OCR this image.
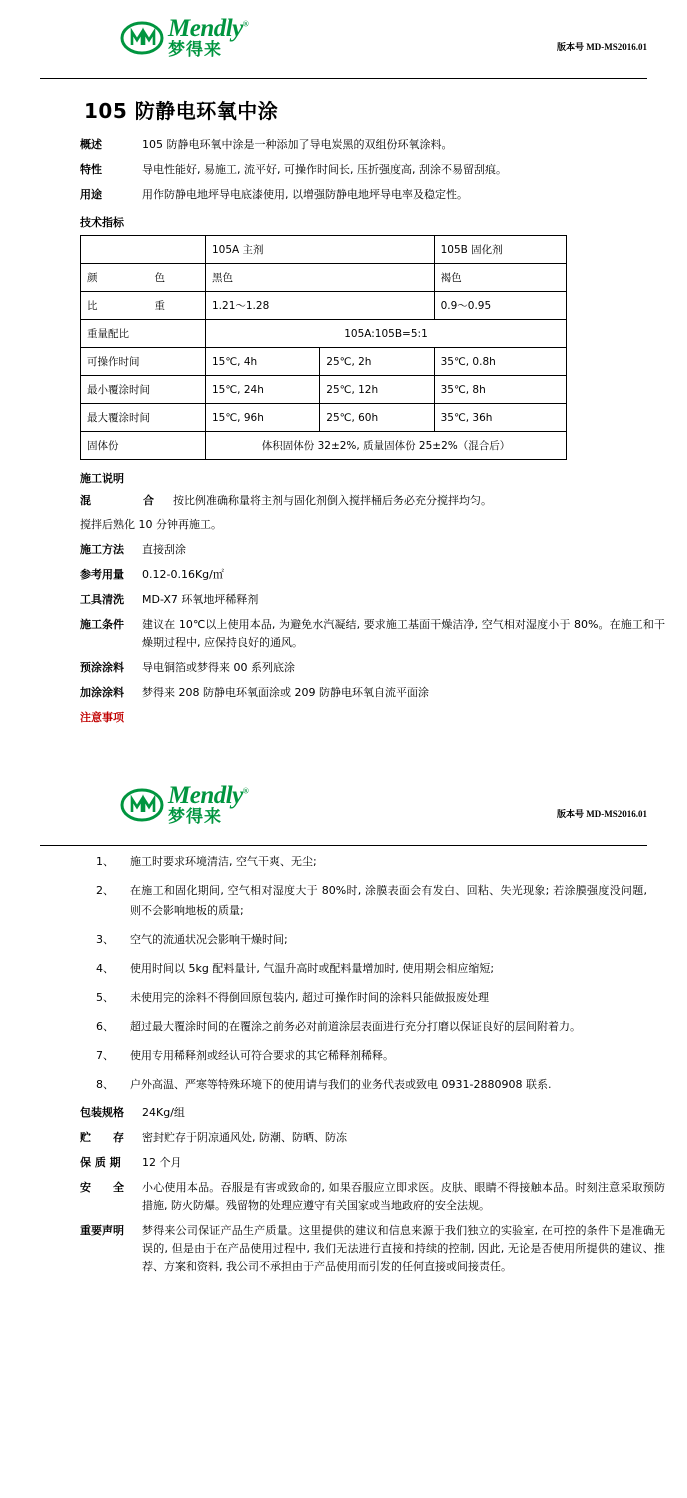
Mendly®
梦得来	版本号 MD-MS2016.01
105 防静电环氧中涂
概述	105 防静电环氧中涂是一种添加了导电炭黑的双组份环氧涂料。
特性	导电性能好, 易施工, 流平好, 可操作时间长, 压折强度高, 刮涂不易留刮痕。
用途	用作防静电地坪导电底漆使用, 以增强防静电地坪导电率及稳定性。
技术指标
	105A 主剂		105B 固化剂
颜　　色	黑色		褐色
比　　重	1.21～1.28		0.9～0.95
重量配比	105A:105B=5:1		
可操作时间	15℃, 4h	25℃, 2h	35℃, 0.8h
最小覆涂时间	15℃, 24h	25℃, 12h	35℃, 8h
最大覆涂时间	15℃, 96h	25℃, 60h	35℃, 36h
固体份	体积固体份 32±2%, 质量固体份 25±2%（混合后）		
施工说明
混　　合 按比例准确称量将主剂与固化剂倒入搅拌桶后务必充分搅拌均匀。
搅拌后熟化 10 分钟再施工。
施工方法	直接刮涂
参考用量	0.12-0.16Kg/㎡
工具清洗	MD-X7 环氧地坪稀释剂
施工条件	建议在 10℃以上使用本品, 为避免水汽凝结, 要求施工基面干燥洁净, 空气相对湿度小于 80%。在施工和干燥期过程中, 应保持良好的通风。
预涂涂料	导电铜箔或梦得来 00 系列底涂
加涂涂料	梦得来 208 防静电环氧面涂或 209 防静电环氧自流平面涂
注意事项
Mendly®
梦得来	版本号 MD-MS2016.01
1、	施工时要求环境清洁, 空气干爽、无尘;
2、	在施工和固化期间, 空气相对湿度大于 80%时, 涂膜表面会有发白、回粘、失光现象; 若涂膜强度没问题, 则不会影响地板的质量;
3、	空气的流通状况会影响干燥时间;
4、	使用时间以 5kg 配料量计, 气温升高时或配料量增加时, 使用期会相应缩短;
5、	未使用完的涂料不得倒回原包装内, 超过可操作时间的涂料只能做报废处理
6、	超过最大覆涂时间的在覆涂之前务必对前道涂层表面进行充分打磨以保证良好的层间附着力。
7、	使用专用稀释剂或经认可符合要求的其它稀释剂稀释。
8、	户外高温、严寒等特殊环境下的使用请与我们的业务代表或致电 0931-2880908 联系.
包装规格	24Kg/组
贮　　存	密封贮存于阴凉通风处, 防潮、防晒、防冻
保 质 期	12 个月
安　　全	小心使用本品。吞服是有害或致命的, 如果吞服应立即求医。皮肤、眼睛不得接触本品。时刻注意采取预防措施, 防火防爆。残留物的处理应遵守有关国家或当地政府的安全法规。
重要声明	梦得来公司保证产品生产质量。这里提供的建议和信息来源于我们独立的实验室, 在可控的条件下是准确无误的, 但是由于在产品使用过程中, 我们无法进行直接和持续的控制, 因此, 无论是否使用所提供的建议、推荐、方案和资料, 我公司不承担由于产品使用而引发的任何直接或间接责任。
